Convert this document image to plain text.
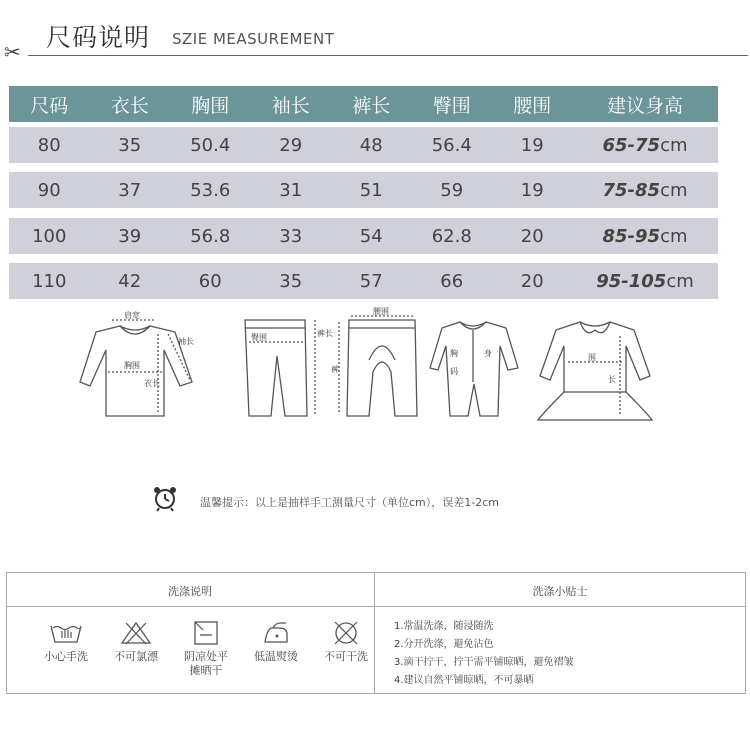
尺码说明 SZIE MEASUREMENT
✂
尺码	衣长	胸围	袖长	裤长	臀围	腰围	建议身高
80	35	50.4	29	48	56.4	19	65-75cm
90	37	53.6	31	51	59	19	75-85cm
100	39	56.8	33	54	62.8	20	85-95cm
110	42	60	35	57	66	20	95-105cm
肩宽
袖长
胸围
衣长
臀围	裤长
腰围
裤
胸	身
码
围
长
温馨提示：以上是抽样手工测量尺寸（单位cm），误差1-2cm
洗涤说明	洗涤小贴士
小心手洗	不可氯漂	阴凉处平
摊晒干
低温熨烫	不可干洗
1.常温洗涤，随浸随洗
2.分开洗涤，避免沾色
3.滴干拧干，拧干需平铺晾晒，避免褶皱
4.建议自然平铺晾晒，不可暴晒
